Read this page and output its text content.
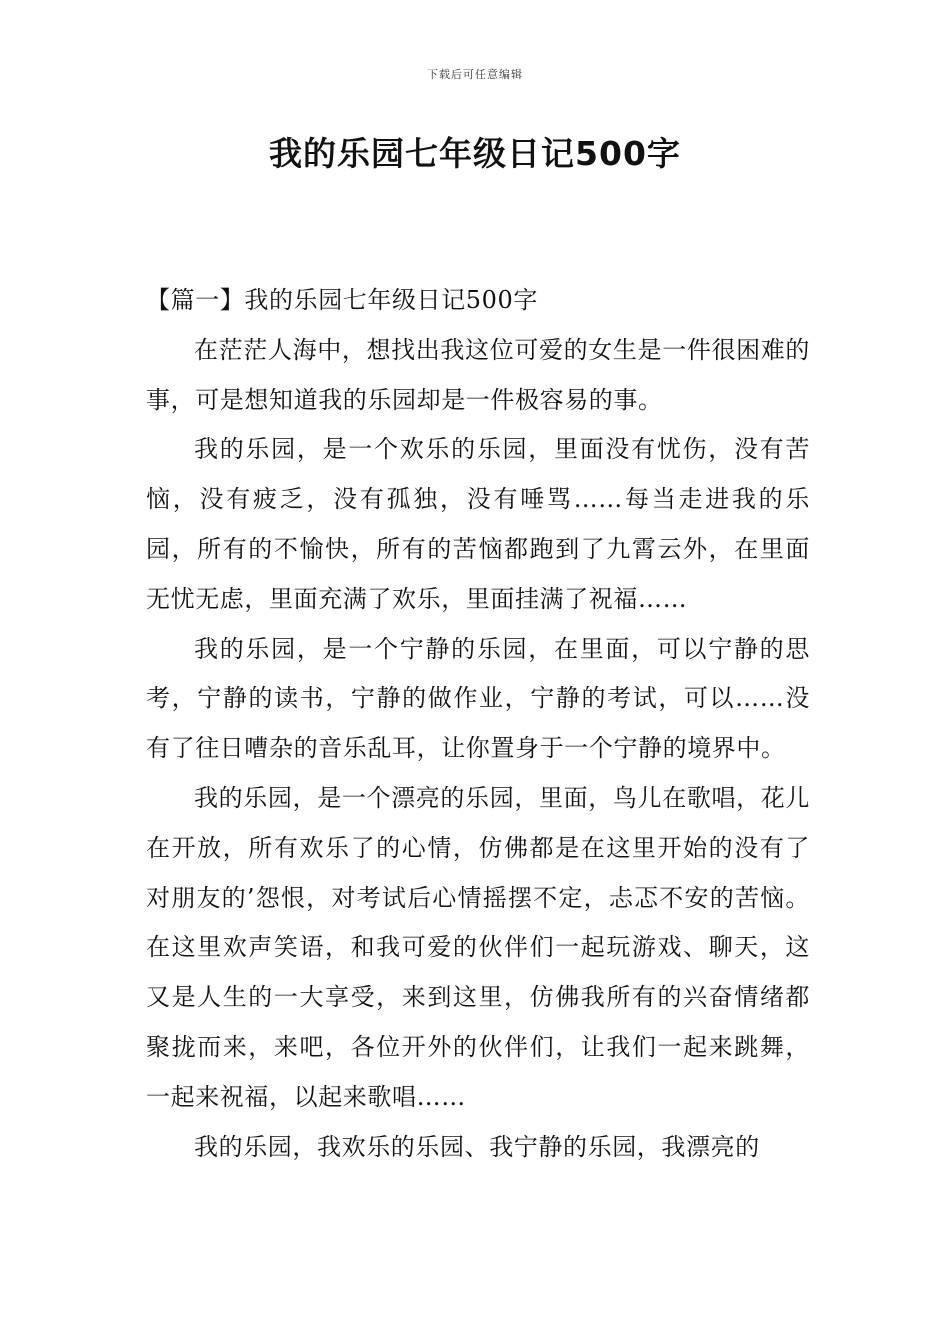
下载后可任意编辑
我的乐园七年级日记500字

【篇一】我的乐园七年级日记500字

在茫茫人海中，想找出我这位可爱的女生是一件很困难的事，可是想知道我的乐园却是一件极容易的事。

我的乐园，是一个欢乐的乐园，里面没有忧伤，没有苦恼，没有疲乏，没有孤独，没有唾骂……每当走进我的乐园，所有的不愉快，所有的苦恼都跑到了九霄云外，在里面无忧无虑，里面充满了欢乐，里面挂满了祝福……

我的乐园，是一个宁静的乐园，在里面，可以宁静的思考，宁静的读书，宁静的做作业，宁静的考试，可以……没有了往日嘈杂的音乐乱耳，让你置身于一个宁静的境界中。

我的乐园，是一个漂亮的乐园，里面，鸟儿在歌唱，花儿在开放，所有欢乐了的心情，仿佛都是在这里开始的没有了对朋友的’怨恨，对考试后心情摇摆不定，忐忑不安的苦恼。在这里欢声笑语，和我可爱的伙伴们一起玩游戏、聊天，这又是人生的一大享受，来到这里，仿佛我所有的兴奋情绪都聚拢而来，来吧，各位开外的伙伴们，让我们一起来跳舞，一起来祝福，以起来歌唱……

我的乐园，我欢乐的乐园、我宁静的乐园，我漂亮的
